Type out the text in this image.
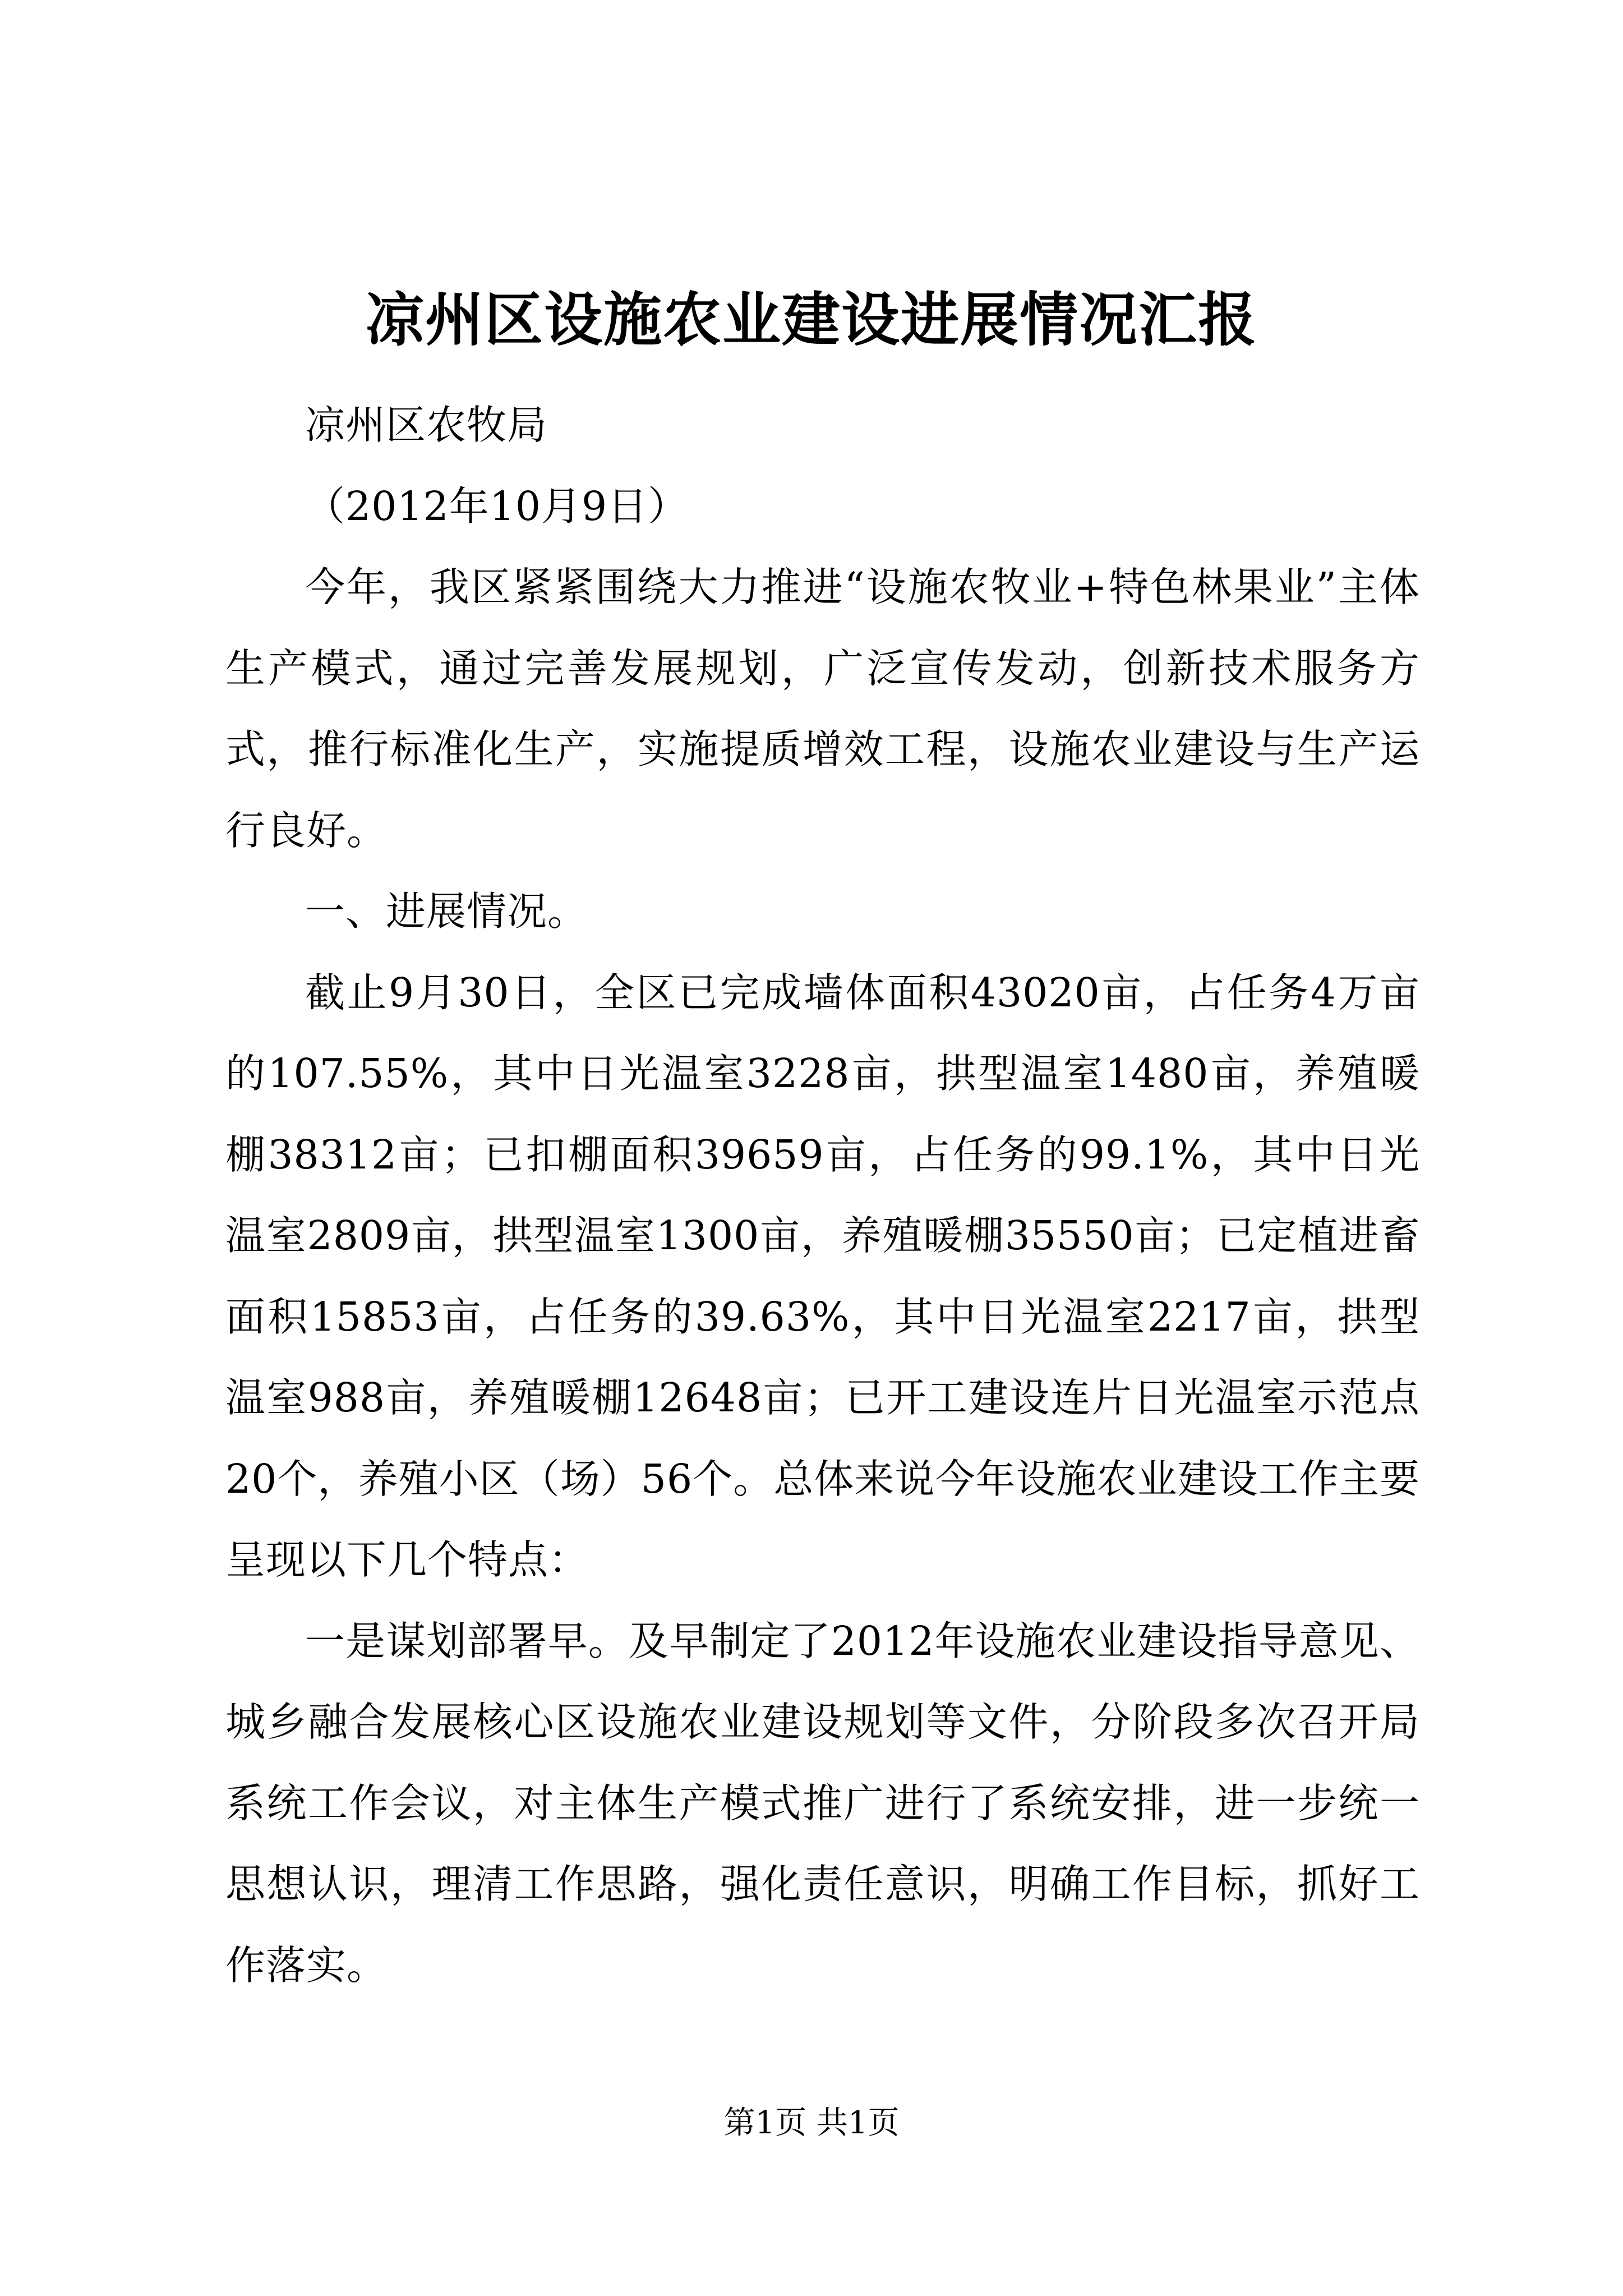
凉州区设施农业建设进展情况汇报

凉州区农牧局

（2012年10月9日）

今年，我区紧紧围绕大力推进“设施农牧业+特色林果业”主体生产模式，通过完善发展规划，广泛宣传发动，创新技术服务方式，推行标准化生产，实施提质增效工程，设施农业建设与生产运行良好。

一、进展情况。

截止9月30日，全区已完成墙体面积43020亩，占任务4万亩的107.55%，其中日光温室3228亩，拱型温室1480亩，养殖暖棚38312亩；已扣棚面积39659亩，占任务的99.1%，其中日光温室2809亩，拱型温室1300亩，养殖暖棚35550亩；已定植进畜面积15853亩，占任务的39.63%，其中日光温室2217亩，拱型温室988亩，养殖暖棚12648亩；已开工建设连片日光温室示范点20个，养殖小区（场）56个。总体来说今年设施农业建设工作主要呈现以下几个特点：

一是谋划部署早。及早制定了2012年设施农业建设指导意见、城乡融合发展核心区设施农业建设规划等文件，分阶段多次召开局系统工作会议，对主体生产模式推广进行了系统安排，进一步统一思想认识，理清工作思路，强化责任意识，明确工作目标，抓好工作落实。

第1页 共1页
